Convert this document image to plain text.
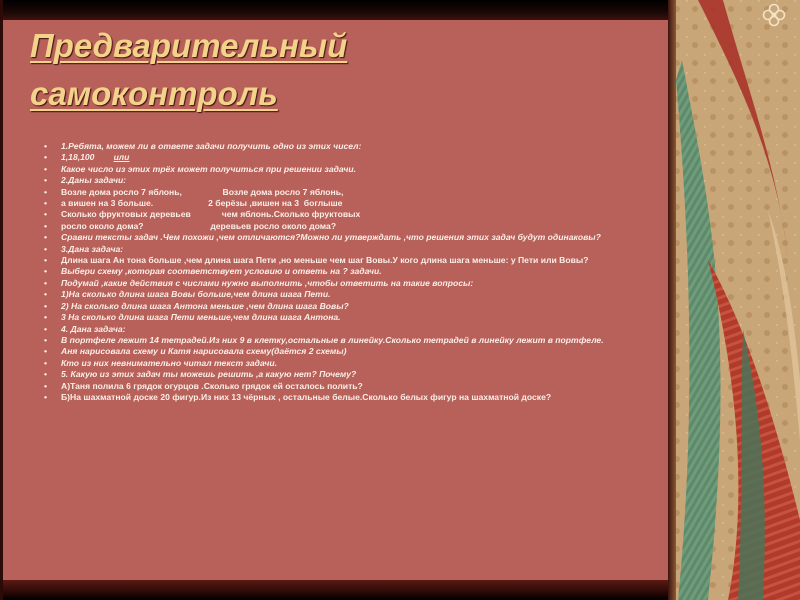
Предварительный
самоконтроль
• 1.Ребята, можем ли в ответе задачи получить одно из этих чисел:
• 1,18,100        или
• Какое число из этих трёх может получиться при решении задачи.
• 2.Даны задачи:
• Возле дома росло 7 яблонь,                 Возле дома росло 7 яблонь,
• а вишен на 3 больше.                       2 берёзы ,вишен на 3  боглыше
• Сколько фруктовых деревьев             чем яблонь.Сколько фруктовых
• росло около дома?                            деревьев росло около дома?
• Сравни тексты задач .Чем похожи ,чем отличаются?Можно ли утверждать ,что решения этих задач будут одинаковы?
• 3.Дана задача:
• Длина шага Ан тона больше ,чем длина шага Пети ,но меньше чем шаг Вовы.У кого длина шага меньше: у Пети или Вовы?
• Выбери схему ,которая соответствует условию и ответь на ? задачи.
• Подумай ,какие действия с числами нужно выполнить ,чтобы ответить на такие вопросы:
• 1)На сколько длина шага Вовы больше,чем длина шага Пети.
• 2) На сколько длина шага Антона меньше ,чем длина шага Вовы?
• 3 На сколько длина шага Пети меньше,чем длина шага Антона.
• 4. Дана задача:
• В портфеле лежит 14 тетрадей.Из них 9 в клетку,остальные в линейку.Сколько тетрадей в линейку лежит в портфеле.
• Аня нарисовала схему и Катя нарисовала схему(даётся 2 схемы)
• Кто из них невнимательно читал текст задачи.
• 5. Какую из этих задач ты можешь решить ,а какую нет? Почему?
• А)Таня полила 6 грядок огурцов .Сколько грядок ей осталось полить?
• Б)На шахматной доске 20 фигур.Из них 13 чёрных , остальные белые.Сколько белых фигур на шахматной доске?
